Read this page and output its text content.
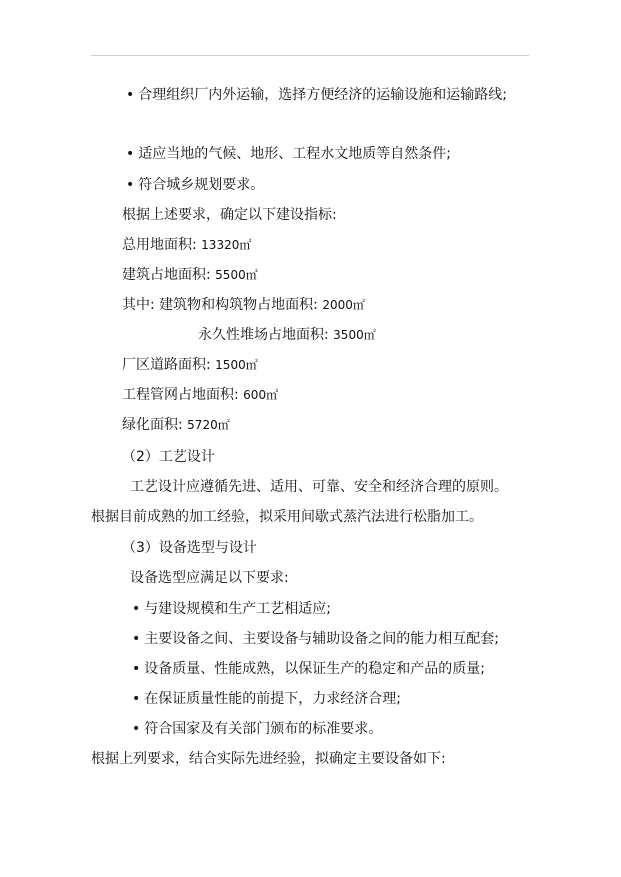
• 合理组织厂内外运输，选择方便经济的运输设施和运输路线;
• 适应当地的气候、地形、工程水文地质等自然条件;
• 符合城乡规划要求。
根据上述要求，确定以下建设指标:
总用地面积: 13320㎡
建筑占地面积: 5500㎡
其中: 建筑物和构筑物占地面积: 2000㎡
永久性堆场占地面积: 3500㎡
厂区道路面积: 1500㎡
工程管网占地面积: 600㎡
绿化面积: 5720㎡
（2）工艺设计
工艺设计应遵循先进、适用、可靠、安全和经济合理的原则。
根据目前成熟的加工经验，拟采用间歇式蒸汽法进行松脂加工。
（3）设备选型与设计
设备选型应满足以下要求:
• 与建设规模和生产工艺相适应;
• 主要设备之间、主要设备与辅助设备之间的能力相互配套;
• 设备质量、性能成熟，以保证生产的稳定和产品的质量;
• 在保证质量性能的前提下，力求经济合理;
• 符合国家及有关部门颁布的标准要求。
根据上列要求，结合实际先进经验，拟确定主要设备如下:
